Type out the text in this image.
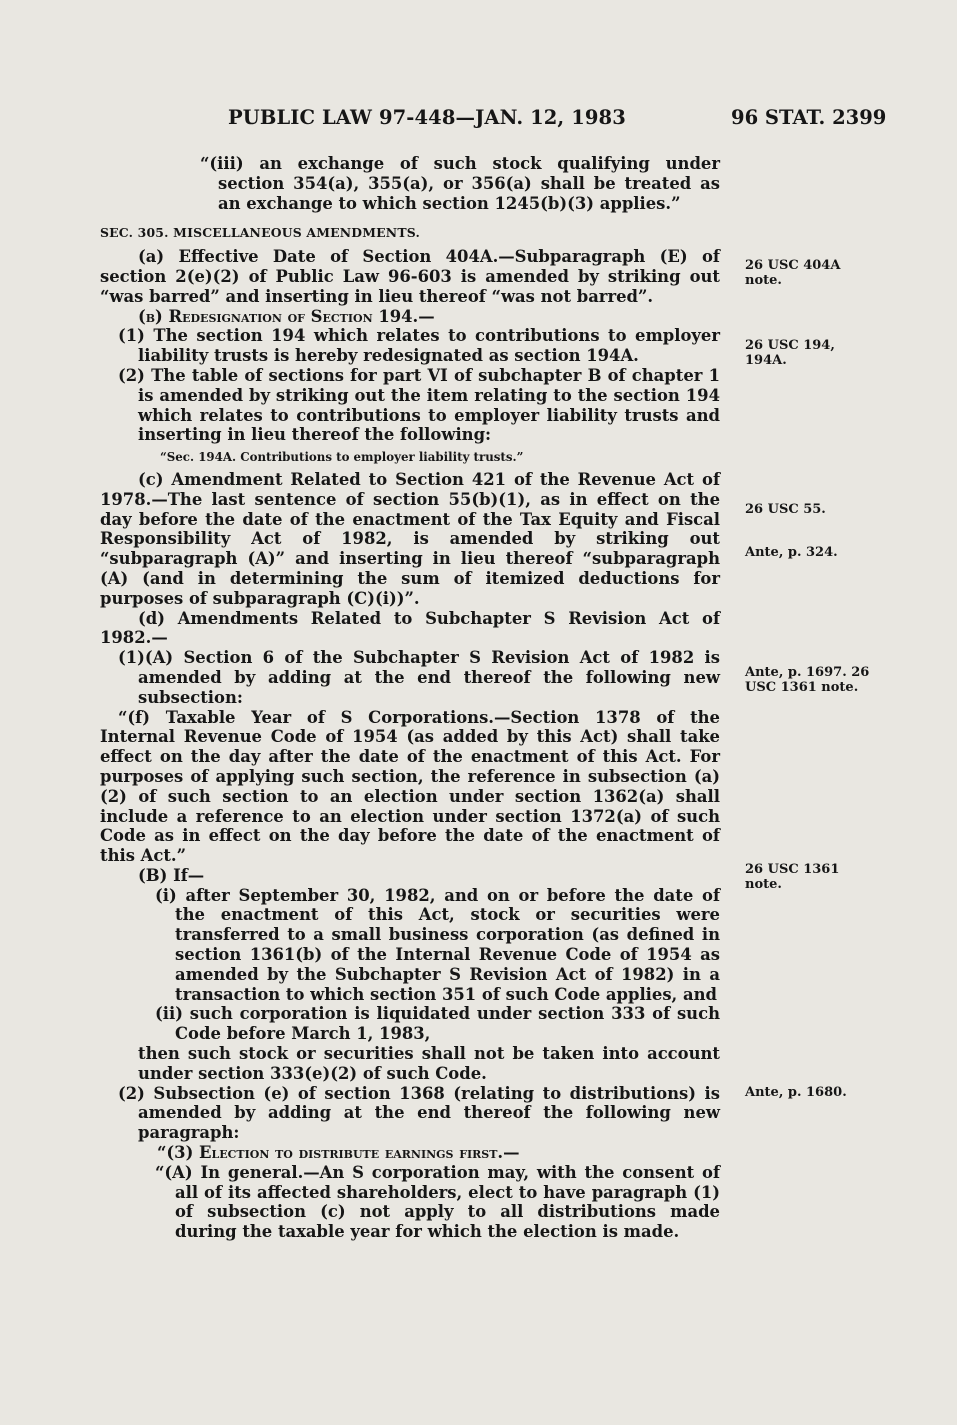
PUBLIC LAW 97-448—JAN. 12, 1983	96 STAT. 2399

“(iii) an exchange of such stock qualifying under section 354(a), 355(a), or 356(a) shall be treated as an exchange to which section 1245(b)(3) applies.”

SEC. 305. MISCELLANEOUS AMENDMENTS.

(a) Effective Date of Section 404A.—Subparagraph (E) of section 2(e)(2) of Public Law 96-603 is amended by striking out “was barred” and inserting in lieu thereof “was not barred”.

(b) Redesignation of Section 194.—

(1) The section 194 which relates to contributions to employer liability trusts is hereby redesignated as section 194A.

(2) The table of sections for part VI of subchapter B of chapter 1 is amended by striking out the item relating to the section 194 which relates to contributions to employer liability trusts and inserting in lieu thereof the following:

“Sec. 194A. Contributions to employer liability trusts.”

(c) Amendment Related to Section 421 of the Revenue Act of 1978.—The last sentence of section 55(b)(1), as in effect on the day before the date of the enactment of the Tax Equity and Fiscal Responsibility Act of 1982, is amended by striking out “subparagraph (A)” and inserting in lieu thereof “subparagraph (A) (and in determining the sum of itemized deductions for purposes of subparagraph (C)(i))”.

(d) Amendments Related to Subchapter S Revision Act of 1982.—

(1)(A) Section 6 of the Subchapter S Revision Act of 1982 is amended by adding at the end thereof the following new subsection:

“(f) Taxable Year of S Corporations.—Section 1378 of the Internal Revenue Code of 1954 (as added by this Act) shall take effect on the day after the date of the enactment of this Act. For purposes of applying such section, the reference in subsection (a)(2) of such section to an election under section 1362(a) shall include a reference to an election under section 1372(a) of such Code as in effect on the day before the date of the enactment of this Act.”

(B) If—

(i) after September 30, 1982, and on or before the date of the enactment of this Act, stock or securities were transferred to a small business corporation (as defined in section 1361(b) of the Internal Revenue Code of 1954 as amended by the Subchapter S Revision Act of 1982) in a transaction to which section 351 of such Code applies, and

(ii) such corporation is liquidated under section 333 of such Code before March 1, 1983,

then such stock or securities shall not be taken into account under section 333(e)(2) of such Code.

(2) Subsection (e) of section 1368 (relating to distributions) is amended by adding at the end thereof the following new paragraph:

“(3) Election to distribute earnings first.—

“(A) In general.—An S corporation may, with the consent of all of its affected shareholders, elect to have paragraph (1) of subsection (c) not apply to all distributions made during the taxable year for which the election is made.

26 USC 404A note.
26 USC 194, 194A.
26 USC 55.
Ante, p. 324.
Ante, p. 1697. 26 USC 1361 note.
26 USC 1361 note.
Ante, p. 1680.
